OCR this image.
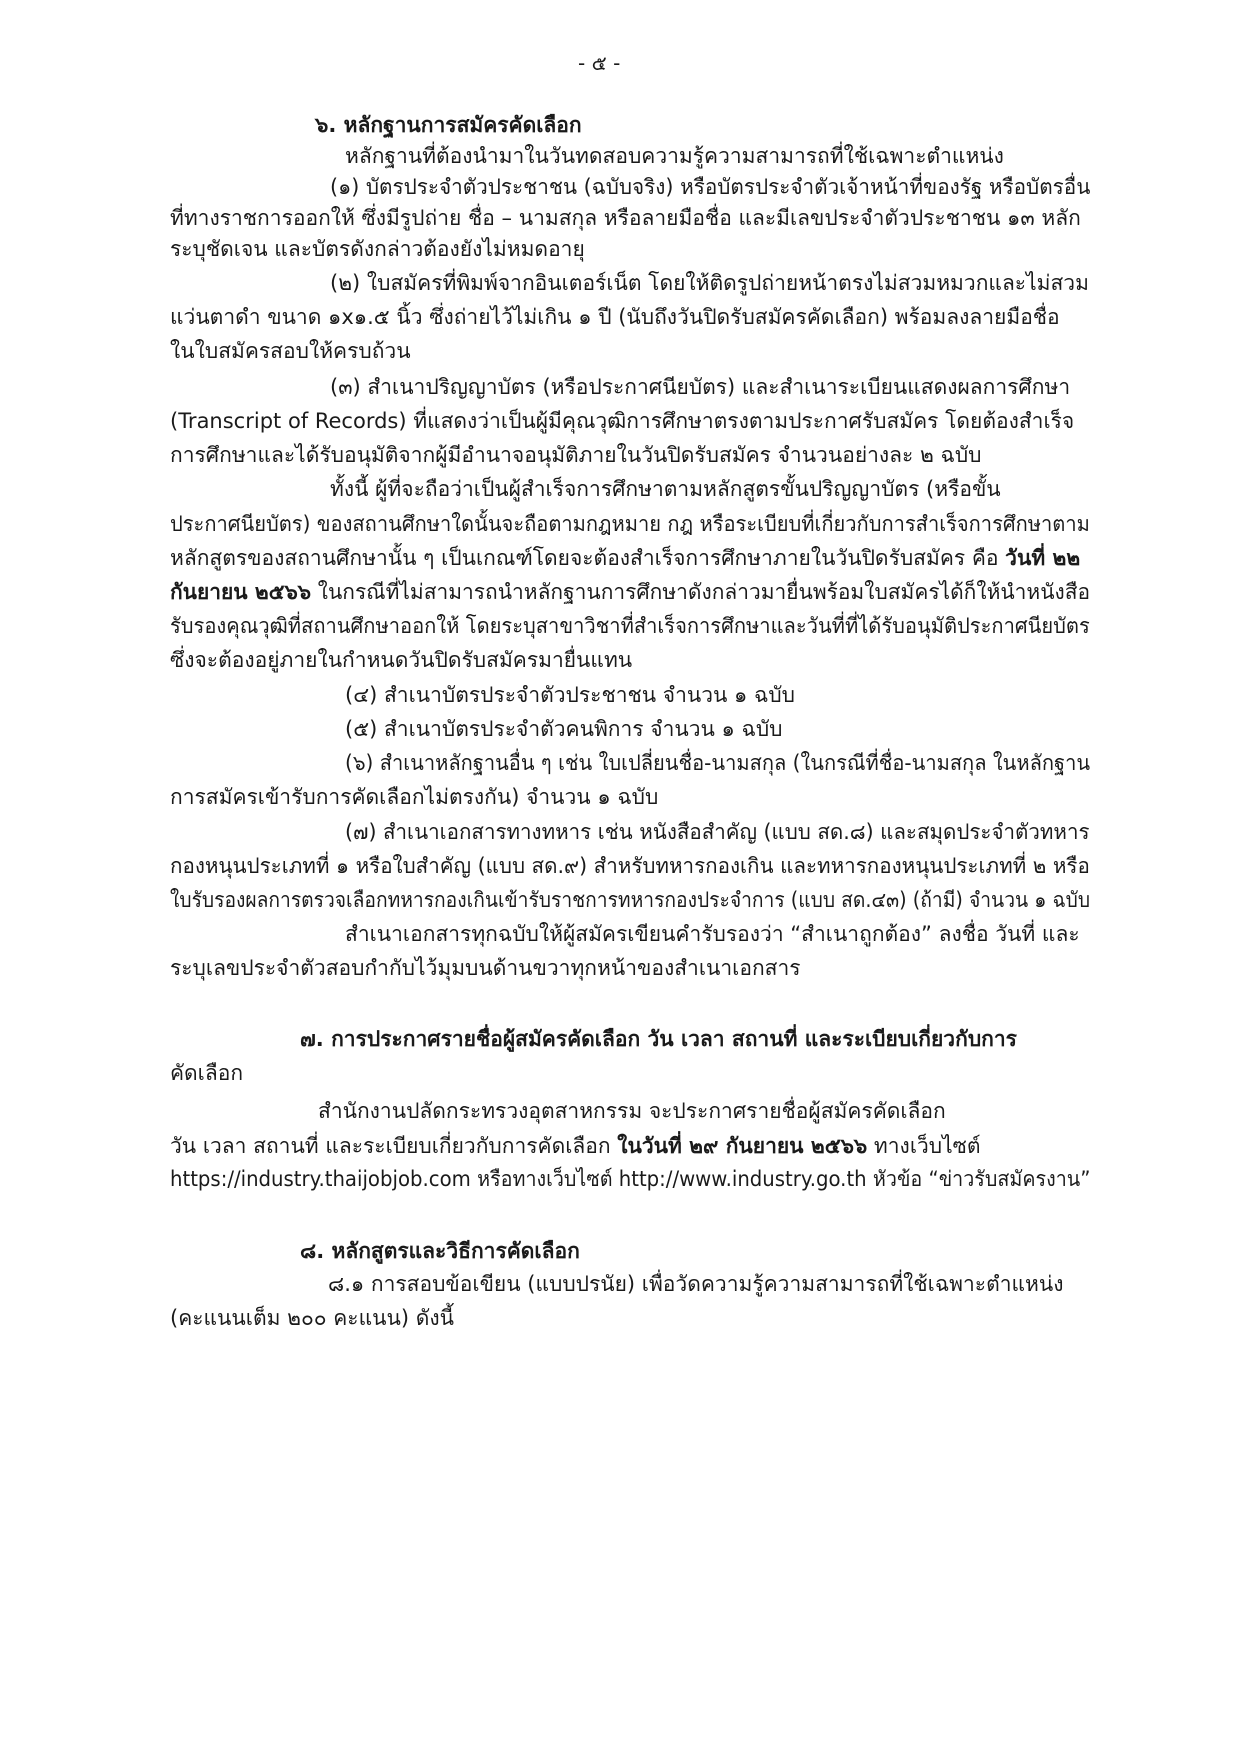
- ๕ -
๖. หลักฐานการสมัครคัดเลือก
หลักฐานที่ต้องนำมาในวันทดสอบความรู้ความสามารถที่ใช้เฉพาะตำแหน่ง
(๑) บัตรประจำตัวประชาชน (ฉบับจริง) หรือบัตรประจำตัวเจ้าหน้าที่ของรัฐ หรือบัตรอื่น
ที่ทางราชการออกให้ ซึ่งมีรูปถ่าย ชื่อ – นามสกุล หรือลายมือชื่อ และมีเลขประจำตัวประชาชน ๑๓ หลัก
ระบุชัดเจน และบัตรดังกล่าวต้องยังไม่หมดอายุ
(๒) ใบสมัครที่พิมพ์จากอินเตอร์เน็ต โดยให้ติดรูปถ่ายหน้าตรงไม่สวมหมวกและไม่สวม
แว่นตาดำ ขนาด ๑x๑.๕ นิ้ว ซึ่งถ่ายไว้ไม่เกิน ๑ ปี (นับถึงวันปิดรับสมัครคัดเลือก) พร้อมลงลายมือชื่อ
ในใบสมัครสอบให้ครบถ้วน
(๓) สำเนาปริญญาบัตร (หรือประกาศนียบัตร) และสำเนาระเบียนแสดงผลการศึกษา
(Transcript of Records) ที่แสดงว่าเป็นผู้มีคุณวุฒิการศึกษาตรงตามประกาศรับสมัคร โดยต้องสำเร็จ
การศึกษาและได้รับอนุมัติจากผู้มีอำนาจอนุมัติภายในวันปิดรับสมัคร จำนวนอย่างละ ๒ ฉบับ
ทั้งนี้ ผู้ที่จะถือว่าเป็นผู้สำเร็จการศึกษาตามหลักสูตรขั้นปริญญาบัตร (หรือขั้น
ประกาศนียบัตร) ของสถานศึกษาใดนั้นจะถือตามกฎหมาย กฎ หรือระเบียบที่เกี่ยวกับการสำเร็จการศึกษาตาม
หลักสูตรของสถานศึกษานั้น ๆ เป็นเกณฑ์โดยจะต้องสำเร็จการศึกษาภายในวันปิดรับสมัคร คือ วันที่ ๒๒
กันยายน ๒๕๖๖ ในกรณีที่ไม่สามารถนำหลักฐานการศึกษาดังกล่าวมายื่นพร้อมใบสมัครได้ก็ให้นำหนังสือ
รับรองคุณวุฒิที่สถานศึกษาออกให้ โดยระบุสาขาวิชาที่สำเร็จการศึกษาและวันที่ที่ได้รับอนุมัติประกาศนียบัตร
ซึ่งจะต้องอยู่ภายในกำหนดวันปิดรับสมัครมายื่นแทน
(๔) สำเนาบัตรประจำตัวประชาชน จำนวน ๑ ฉบับ
(๕) สำเนาบัตรประจำตัวคนพิการ จำนวน ๑ ฉบับ
(๖) สำเนาหลักฐานอื่น ๆ เช่น ใบเปลี่ยนชื่อ-นามสกุล (ในกรณีที่ชื่อ-นามสกุล ในหลักฐาน
การสมัครเข้ารับการคัดเลือกไม่ตรงกัน) จำนวน ๑ ฉบับ
(๗) สำเนาเอกสารทางทหาร เช่น หนังสือสำคัญ (แบบ สด.๘) และสมุดประจำตัวทหาร
กองหนุนประเภทที่ ๑ หรือใบสำคัญ (แบบ สด.๙) สำหรับทหารกองเกิน และทหารกองหนุนประเภทที่ ๒ หรือ
ใบรับรองผลการตรวจเลือกทหารกองเกินเข้ารับราชการทหารกองประจำการ (แบบ สด.๔๓) (ถ้ามี) จำนวน ๑ ฉบับ
สำเนาเอกสารทุกฉบับให้ผู้สมัครเขียนคำรับรองว่า “สำเนาถูกต้อง” ลงชื่อ วันที่ และ
ระบุเลขประจำตัวสอบกำกับไว้มุมบนด้านขวาทุกหน้าของสำเนาเอกสาร
๗. การประกาศรายชื่อผู้สมัครคัดเลือก วัน เวลา สถานที่ และระเบียบเกี่ยวกับการ
คัดเลือก
สำนักงานปลัดกระทรวงอุตสาหกรรม จะประกาศรายชื่อผู้สมัครคัดเลือก
วัน เวลา สถานที่ และระเบียบเกี่ยวกับการคัดเลือก ในวันที่ ๒๙ กันยายน ๒๕๖๖ ทางเว็บไซต์
https://industry.thaijobjob.com หรือทางเว็บไซต์ http://www.industry.go.th หัวข้อ “ข่าวรับสมัครงาน”
๘. หลักสูตรและวิธีการคัดเลือก
๘.๑ การสอบข้อเขียน (แบบปรนัย) เพื่อวัดความรู้ความสามารถที่ใช้เฉพาะตำแหน่ง
(คะแนนเต็ม ๒๐๐ คะแนน) ดังนี้
